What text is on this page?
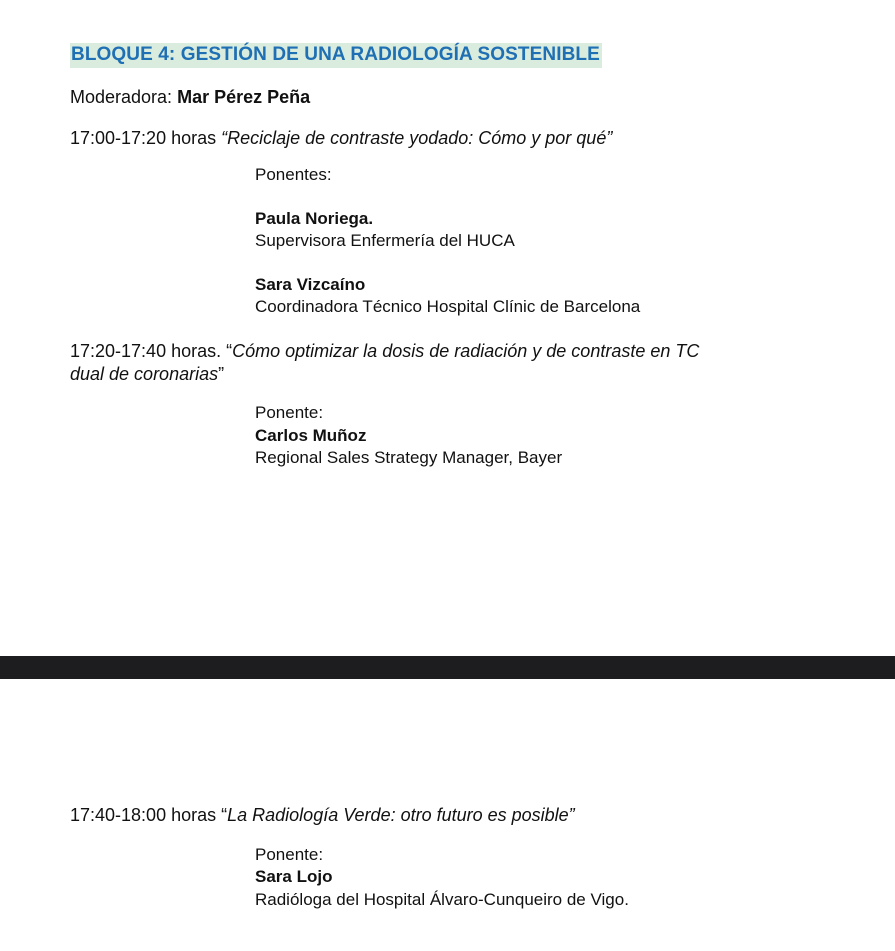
BLOQUE 4: GESTIÓN DE UNA RADIOLOGÍA SOSTENIBLE
Moderadora: Mar Pérez Peña
17:00-17:20 horas “Reciclaje de contraste yodado: Cómo y por qué”
Ponentes:
Paula Noriega.
Supervisora Enfermería del HUCA
Sara Vizcaíno
Coordinadora Técnico Hospital Clínic de Barcelona
17:20-17:40 horas. “Cómo optimizar la dosis de radiación y de contraste en TC
dual de coronarias”
Ponente:
Carlos Muñoz
Regional Sales Strategy Manager, Bayer
17:40-18:00 horas “La Radiología Verde: otro futuro es posible”
Ponente:
Sara Lojo
Radióloga del Hospital Álvaro-Cunqueiro de Vigo.
